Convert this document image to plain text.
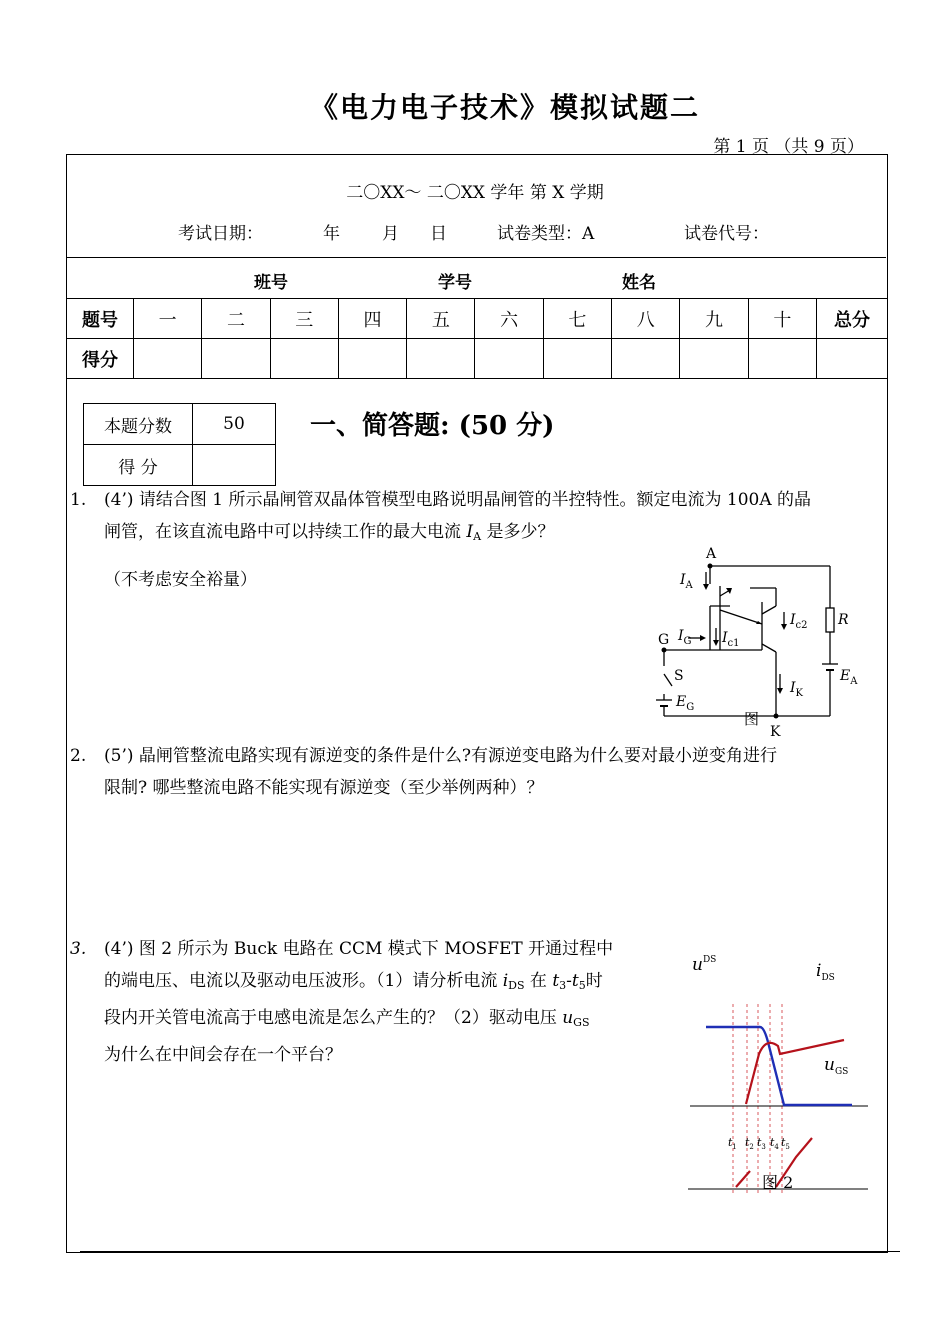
《电力电子技术》模拟试题二
第 1 页 （共 9 页）
二〇XX～ 二〇XX 学年 第 X 学期
考试日期：	年 月 日	试卷类型：A	试卷代号：
班号	学号	姓名
题号	一	二	三	四	五	六	七	八	九	十	总分
得分											
本题分数	50
得 分	
一、简答题: (50 分)
1. (4’) 请结合图 1 所示晶闸管双晶体管模型电路说明晶闸管的半控特性。额定电流为 100A 的晶
闸管，在该直流电路中可以持续工作的最大电流 $I_A$ 是多少？
（不考虑安全裕量）
A
G
S
K
R
$I_A$
$I_G$ $I_{c1}$
$I_{c2}$
$I_K$
$E_A$
$E_G$
图
2. (5’) 晶闸管整流电路实现有源逆变的条件是什么?有源逆变电路为什么要对最小逆变角进行
限制? 哪些整流电路不能实现有源逆变（至少举例两种）？
3. (4’) 图 2 所示为 Buck 电路在 CCM 模式下 MOSFET 开通过程中
的端电压、电流以及驱动电压波形。（1）请分析电流 $i_{DS}$ 在 $t_3-t_5$时
段内开关管电流高于电感电流是怎么产生的？（2）驱动电压 $u_{GS}$
为什么在中间会存在一个平台？
$u^{DS}$
$i_{DS}$
$u_{GS}$
$t_1$ $t_2$ $t_3$ $t_4$ $t_5$
图 2
